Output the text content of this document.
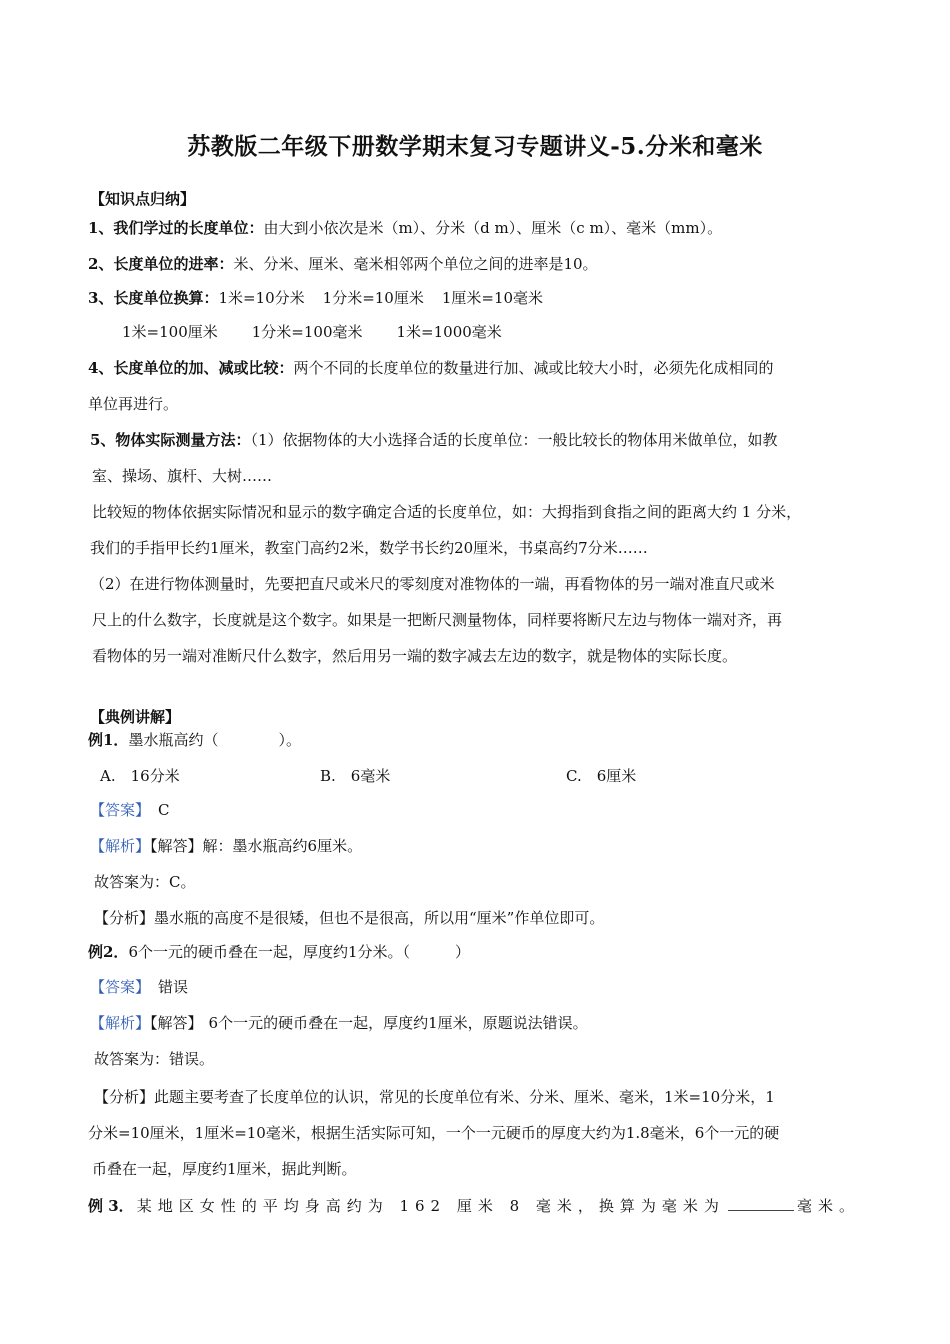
苏教版二年级下册数学期末复习专题讲义-5.分米和毫米
【知识点归纳】
1、我们学过的长度单位：由大到小依次是米（m）、分米（d m）、厘米（c m）、毫米（mm）。
2、长度单位的进率：米、分米、厘米、毫米相邻两个单位之间的进率是10。
3、长度单位换算：1米=10分米 1分米=10厘米 1厘米=10毫米
1米=100厘米 1分米=100毫米 1米=1000毫米
4、长度单位的加、减或比较：两个不同的长度单位的数量进行加、减或比较大小时，必须先化成相同的
单位再进行。
5、物体实际测量方法：（1）依据物体的大小选择合适的长度单位：一般比较长的物体用米做单位，如教
室、操场、旗杆、大树……
比较短的物体依据实际情况和显示的数字确定合适的长度单位，如：大拇指到食指之间的距离大约 1 分米，
我们的手指甲长约1厘米，教室门高约2米，数学书长约20厘米，书桌高约7分米……
（2）在进行物体测量时，先要把直尺或米尺的零刻度对准物体的一端，再看物体的另一端对准直尺或米
尺上的什么数字，长度就是这个数字。如果是一把断尺测量物体，同样要将断尺左边与物体一端对齐，再
看物体的另一端对准断尺什么数字，然后用另一端的数字减去左边的数字，就是物体的实际长度。
【典例讲解】
例1．墨水瓶高约（　　　　）。
A.　16分米	B.　6毫米	C.　6厘米
【答案】 C
【解析】【解答】解：墨水瓶高约6厘米。
故答案为：C。
【分析】墨水瓶的高度不是很矮，但也不是很高，所以用“厘米”作单位即可。
例2．6个一元的硬币叠在一起，厚度约1分米。（　　　）
【答案】 错误
【解析】【解答】 6个一元的硬币叠在一起，厚度约1厘米，原题说法错误。
故答案为：错误。
【分析】此题主要考查了长度单位的认识，常见的长度单位有米、分米、厘米、毫米，1米=10分米，1
分米=10厘米，1厘米=10毫米，根据生活实际可知，一个一元硬币的厚度大约为1.8毫米，6个一元的硬
币叠在一起，厚度约1厘米，据此判断。
例 3． 某地区女性的平均身高约为 162 厘米 8 毫米，换算为毫米为	毫米。
